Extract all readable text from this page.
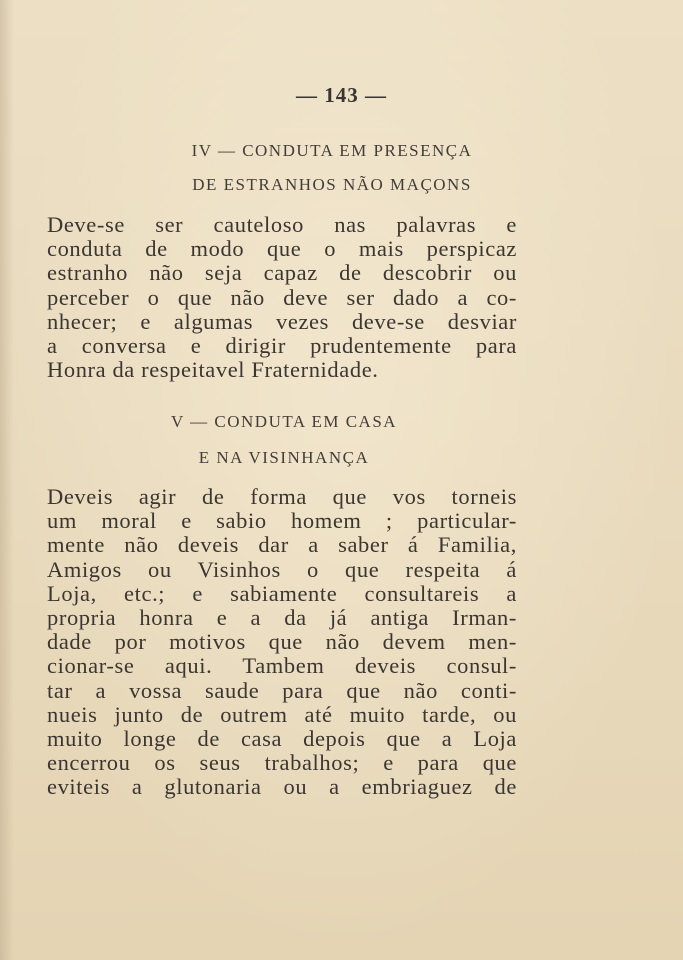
— 143 —
IV — CONDUTA EM PRESENÇA
DE ESTRANHOS NÃO MAÇONS
Deve-se ser cauteloso nas palavras e
conduta de modo que o mais perspicaz
estranho não seja capaz de descobrir ou
perceber o que não deve ser dado a co-
nhecer; e algumas vezes deve-se desviar
a conversa e dirigir prudentemente para
Honra da respeitavel Fraternidade.
V — CONDUTA EM CASA
E NA VISINHANÇA
Deveis agir de forma que vos torneis
um moral e sabio homem ; particular-
mente não deveis dar a saber á Familia,
Amigos ou Visinhos o que respeita á
Loja, etc.; e sabiamente consultareis a
propria honra e a da já antiga Irman-
dade por motivos que não devem men-
cionar-se aqui. Tambem deveis consul-
tar a vossa saude para que não conti-
nueis junto de outrem até muito tarde, ou
muito longe de casa depois que a Loja
encerrou os seus trabalhos; e para que
eviteis a glutonaria ou a embriaguez de
